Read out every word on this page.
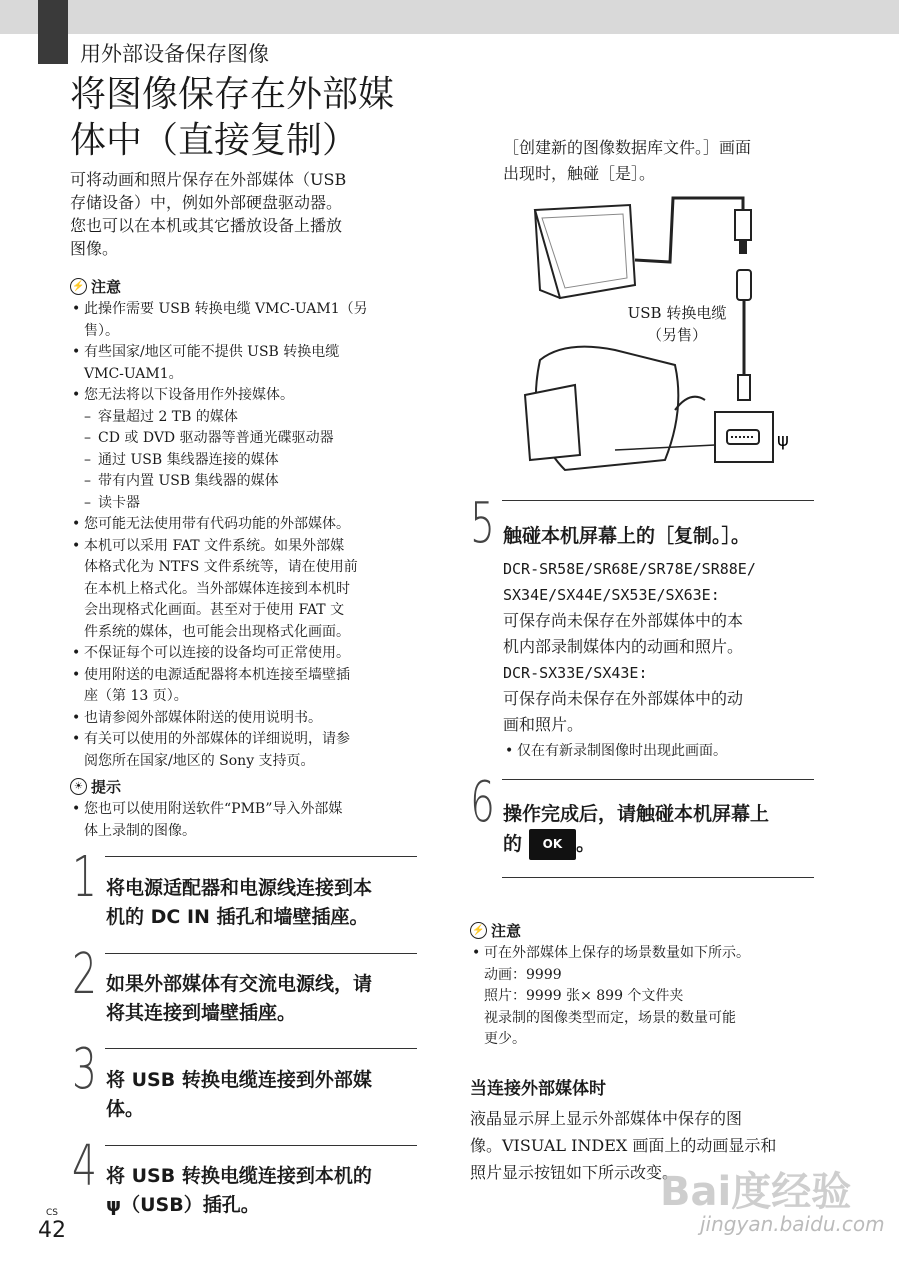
用外部设备保存图像
将图像保存在外部媒
体中（直接复制）
可将动画和照片保存在外部媒体（USB
存储设备）中，例如外部硬盘驱动器。
您也可以在本机或其它播放设备上播放
图像。
⚡ 注意
• 此操作需要 USB 转换电缆 VMC-UAM1（另
售）。
• 有些国家/地区可能不提供 USB 转换电缆
VMC-UAM1。
• 您无法将以下设备用作外接媒体。
– 容量超过 2 TB 的媒体
– CD 或 DVD 驱动器等普通光碟驱动器
– 通过 USB 集线器连接的媒体
– 带有内置 USB 集线器的媒体
– 读卡器
• 您可能无法使用带有代码功能的外部媒体。
• 本机可以采用 FAT 文件系统。如果外部媒
体格式化为 NTFS 文件系统等，请在使用前
在本机上格式化。当外部媒体连接到本机时
会出现格式化画面。甚至对于使用 FAT 文
件系统的媒体，也可能会出现格式化画面。
• 不保证每个可以连接的设备均可正常使用。
• 使用附送的电源适配器将本机连接至墙壁插
座（第 13 页）。
• 也请参阅外部媒体附送的使用说明书。
• 有关可以使用的外部媒体的详细说明，请参
阅您所在国家/地区的 Sony 支持页。
☀ 提示
• 您也可以使用附送软件“PMB”导入外部媒
体上录制的图像。
1 将电源适配器和电源线连接到本
机的 DC IN 插孔和墙壁插座。
2 如果外部媒体有交流电源线，请
将其连接到墙壁插座。
3 将 USB 转换电缆连接到外部媒
体。
4 将 USB 转换电缆连接到本机的
ψ（USB）插孔。
［创建新的图像数据库文件。］画面
出现时，触碰［是］。
ψ
USB 转换电缆
（另售）
5 触碰本机屏幕上的［复制。］。
DCR-SR58E/SR68E/SR78E/SR88E/
SX34E/SX44E/SX53E/SX63E:
可保存尚未保存在外部媒体中的本
机内部录制媒体内的动画和照片。
DCR-SX33E/SX43E:
可保存尚未保存在外部媒体中的动
画和照片。
• 仅在有新录制图像时出现此画面。
6 操作完成后，请触碰本机屏幕上
的 OK 。
⚡ 注意
• 可在外部媒体上保存的场景数量如下所示。
动画：9999
照片：9999 张× 899 个文件夹
视录制的图像类型而定，场景的数量可能
更少。
当连接外部媒体时
液晶显示屏上显示外部媒体中保存的图
像。VISUAL INDEX 画面上的动画显示和
照片显示按钮如下所示改变。
Bai度经验
jingyan.baidu.com
CS
42
